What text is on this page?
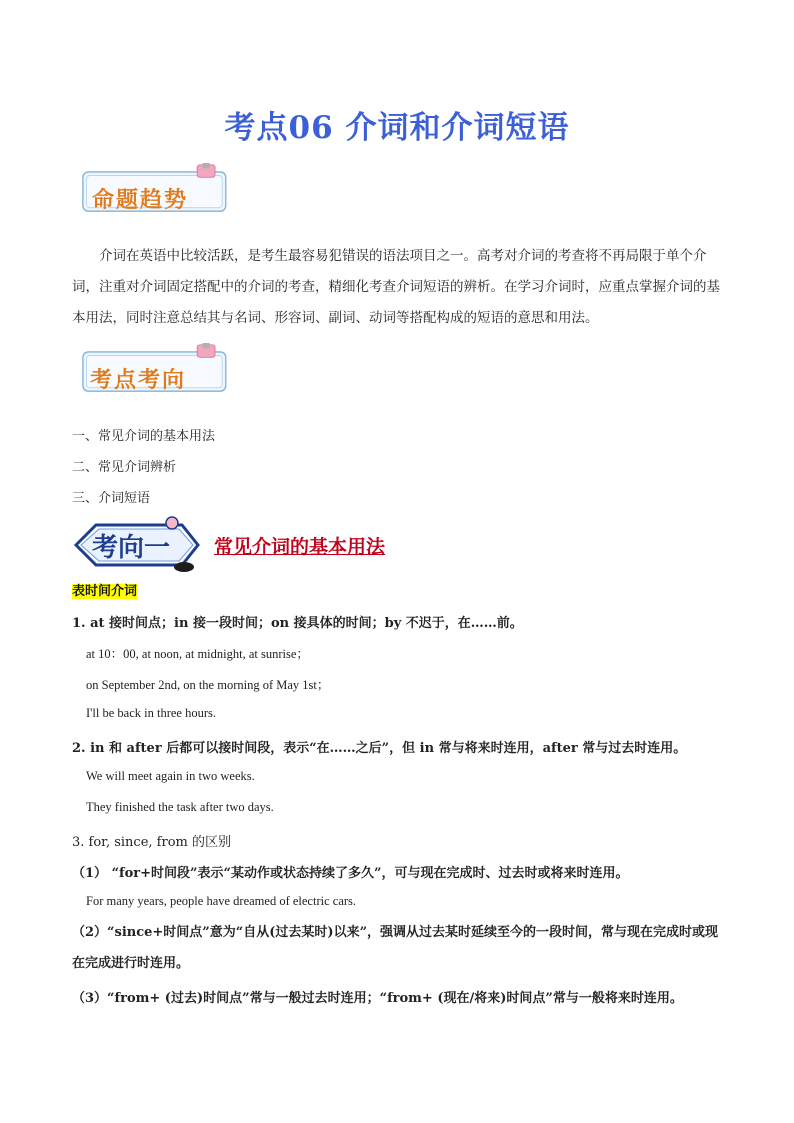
考点06 介词和介词短语
命题趋势
介词在英语中比较活跃，是考生最容易犯错误的语法项目之一。高考对介词的考查将不再局限于单个介词，注重对介词固定搭配中的介词的考查，精细化考查介词短语的辨析。在学习介词时，应重点掌握介词的基本用法，同时注意总结其与名词、形容词、副词、动词等搭配构成的短语的意思和用法。
考点考向
一、常见介词的基本用法
二、常见介词辨析
三、介词短语
考向一 常见介词的基本用法
表时间介词
1. at 接时间点；in 接一段时间；on 接具体的时间；by 不迟于，在……前。
at 10：00, at noon, at midnight, at sunrise；
on September 2nd, on the morning of May 1st；
I'll be back in three hours.
2. in 和 after 后都可以接时间段，表示“在……之后”，但 in 常与将来时连用，after 常与过去时连用。
We will meet again in two weeks.
They finished the task after two days.
3. for, since, from 的区别
（1） “for+时间段”表示“某动作或状态持续了多久”，可与现在完成时、过去时或将来时连用。
For many years, people have dreamed of electric cars.
（2）“since+时间点”意为“自从(过去某时)以来”，强调从过去某时延续至今的一段时间，常与现在完成时或现在完成进行时连用。
（3）“from+ (过去)时间点”常与一般过去时连用；“from+ (现在/将来)时间点”常与一般将来时连用。
